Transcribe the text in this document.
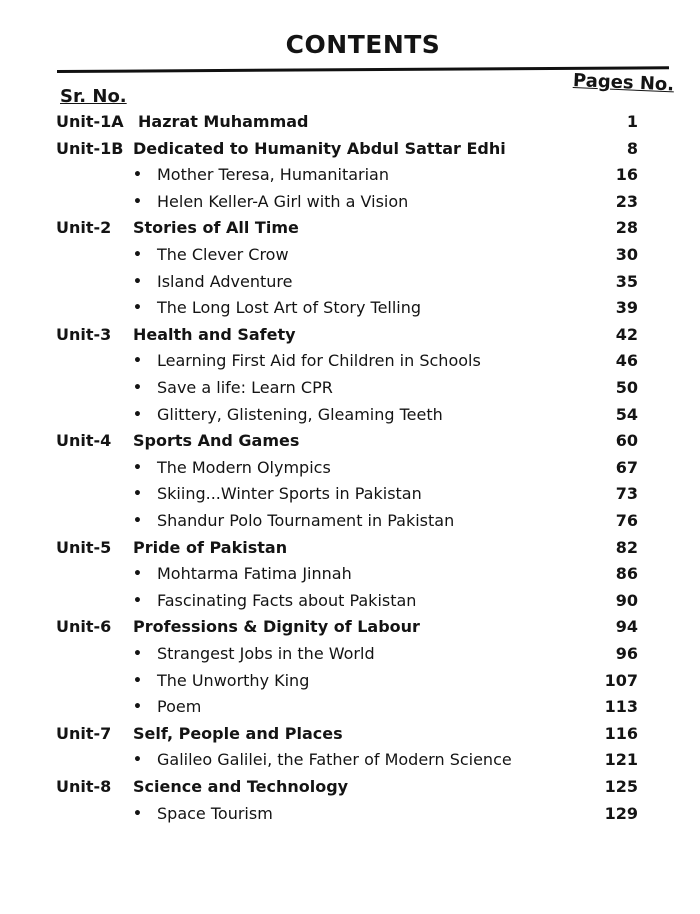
CONTENTS
Sr. No.
Pages No.
Unit-1A Hazrat Muhammad	1
Unit-1B Dedicated to Humanity Abdul Sattar Edhi	8
• Mother Teresa, Humanitarian	16
• Helen Keller-A Girl with a Vision	23
Unit-2 Stories of All Time	28
• The Clever Crow	30
• Island Adventure	35
• The Long Lost Art of Story Telling	39
Unit-3 Health and Safety	42
• Learning First Aid for Children in Schools	46
• Save a life: Learn CPR	50
• Glittery, Glistening, Gleaming Teeth	54
Unit-4 Sports And Games	60
• The Modern Olympics	67
• Skiing...Winter Sports in Pakistan	73
• Shandur Polo Tournament in Pakistan	76
Unit-5 Pride of Pakistan	82
• Mohtarma Fatima Jinnah	86
• Fascinating Facts about Pakistan	90
Unit-6 Professions & Dignity of Labour	94
• Strangest Jobs in the World	96
• The Unworthy King	107
• Poem	113
Unit-7 Self, People and Places	116
• Galileo Galilei, the Father of Modern Science	121
Unit-8 Science and Technology	125
• Space Tourism	129
